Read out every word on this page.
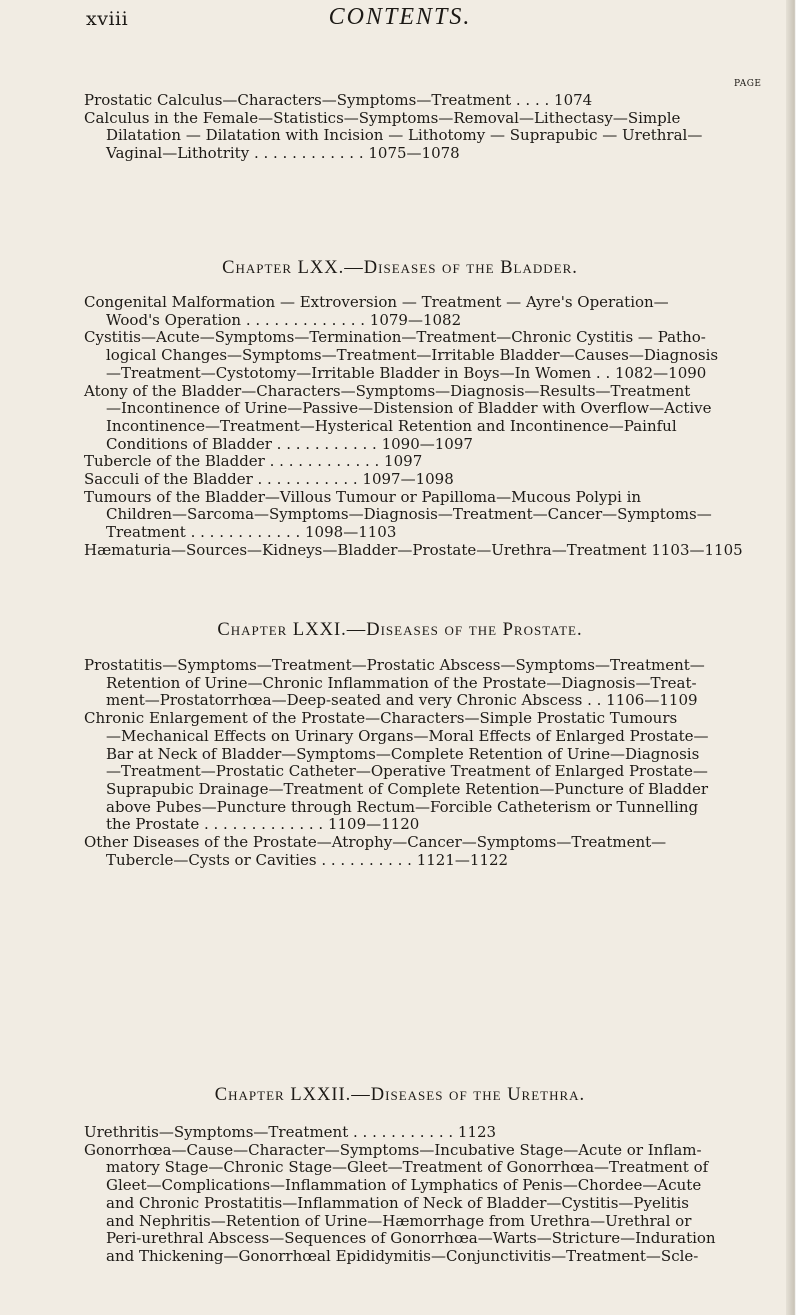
xviii	CONTENTS.
PAGE
Prostatic Calculus—Characters—Symptoms—Treatment . . . . 1074
Calculus in the Female—Statistics—Symptoms—Removal—Lithectasy—Simple
Dilatation — Dilatation with Incision — Lithotomy — Suprapubic — Urethral—
Vaginal—Lithotrity . . . . . . . . . . . . 1075—1078
Chapter LXX.—Diseases of the Bladder.
Congenital Malformation — Extroversion — Treatment — Ayre's Operation—
Wood's Operation . . . . . . . . . . . . . 1079—1082
Cystitis—Acute—Symptoms—Termination—Treatment—Chronic Cystitis — Patho-
logical Changes—Symptoms—Treatment—Irritable Bladder—Causes—Diagnosis
—Treatment—Cystotomy—Irritable Bladder in Boys—In Women . . 1082—1090
Atony of the Bladder—Characters—Symptoms—Diagnosis—Results—Treatment
—Incontinence of Urine—Passive—Distension of Bladder with Overflow—Active
Incontinence—Treatment—Hysterical Retention and Incontinence—Painful
Conditions of Bladder . . . . . . . . . . . 1090—1097
Tubercle of the Bladder . . . . . . . . . . . . 1097
Sacculi of the Bladder . . . . . . . . . . . 1097—1098
Tumours of the Bladder—Villous Tumour or Papilloma—Mucous Polypi in
Children—Sarcoma—Symptoms—Diagnosis—Treatment—Cancer—Symptoms—
Treatment . . . . . . . . . . . . 1098—1103
Hæmaturia—Sources—Kidneys—Bladder—Prostate—Urethra—Treatment 1103—1105
Chapter LXXI.—Diseases of the Prostate.
Prostatitis—Symptoms—Treatment—Prostatic Abscess—Symptoms—Treatment—
Retention of Urine—Chronic Inflammation of the Prostate—Diagnosis—Treat-
ment—Prostatorrhœa—Deep-seated and very Chronic Abscess . . 1106—1109
Chronic Enlargement of the Prostate—Characters—Simple Prostatic Tumours
—Mechanical Effects on Urinary Organs—Moral Effects of Enlarged Prostate—
Bar at Neck of Bladder—Symptoms—Complete Retention of Urine—Diagnosis
—Treatment—Prostatic Catheter—Operative Treatment of Enlarged Prostate—
Suprapubic Drainage—Treatment of Complete Retention—Puncture of Bladder
above Pubes—Puncture through Rectum—Forcible Catheterism or Tunnelling
the Prostate . . . . . . . . . . . . . 1109—1120
Other Diseases of the Prostate—Atrophy—Cancer—Symptoms—Treatment—
Tubercle—Cysts or Cavities . . . . . . . . . . 1121—1122
Chapter LXXII.—Diseases of the Urethra.
Urethritis—Symptoms—Treatment . . . . . . . . . . . 1123
Gonorrhœa—Cause—Character—Symptoms—Incubative Stage—Acute or Inflam-
matory Stage—Chronic Stage—Gleet—Treatment of Gonorrhœa—Treatment of
Gleet—Complications—Inflammation of Lymphatics of Penis—Chordee—Acute
and Chronic Prostatitis—Inflammation of Neck of Bladder—Cystitis—Pyelitis
and Nephritis—Retention of Urine—Hæmorrhage from Urethra—Urethral or
Peri-urethral Abscess—Sequences of Gonorrhœa—Warts—Stricture—Induration
and Thickening—Gonorrhœal Epididymitis—Conjunctivitis—Treatment—Scle-
